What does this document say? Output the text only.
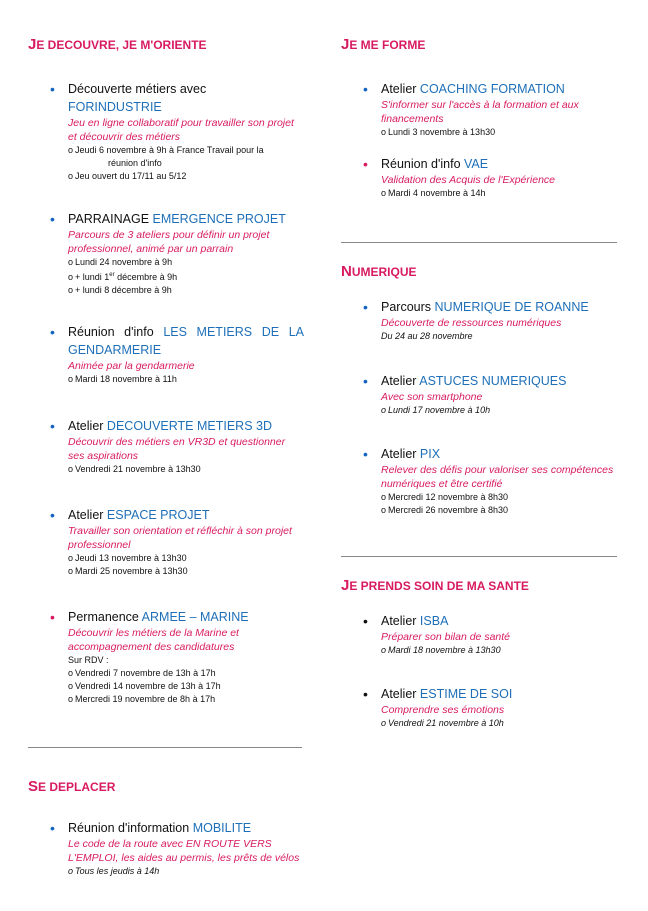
JE DECOUVRE, JE M'ORIENTE
• Découverte métiers avec
FORINDUSTRIE
Jeu en ligne collaboratif pour travailler son projet et découvrir des métiers
o Jeudi 6 novembre à 9h à France Travail pour la
réunion d'info
o Jeu ouvert du 17/11 au 5/12
• PARRAINAGE EMERGENCE PROJET
Parcours de 3 ateliers pour définir un projet professionnel, animé par un parrain
o Lundi 24 novembre à 9h
o + lundi 1er décembre à 9h
o + lundi 8 décembre à 9h
• Réunion d'info LES METIERS DE LA GENDARMERIE
Animée par la gendarmerie
o Mardi 18 novembre à 11h
• Atelier DECOUVERTE METIERS 3D
Découvrir des métiers en VR3D et questionner ses aspirations
o Vendredi 21 novembre à 13h30
• Atelier ESPACE PROJET
Travailler son orientation et réfléchir à son projet professionnel
o Jeudi 13 novembre à 13h30
o Mardi 25 novembre à 13h30
• Permanence ARMEE – MARINE
Découvrir les métiers de la Marine et accompagnement des candidatures
Sur RDV :
o Vendredi 7 novembre de 13h à 17h
o Vendredi 14 novembre de 13h à 17h
o Mercredi 19 novembre de 8h à 17h
SE DEPLACER
• Réunion d'information MOBILITE
Le code de la route avec EN ROUTE VERS L'EMPLOI, les aides au permis, les prêts de vélos
o Tous les jeudis à 14h
JE ME FORME
• Atelier COACHING FORMATION
S'informer sur l'accès à la formation et aux financements
o Lundi 3 novembre à 13h30
• Réunion d'info VAE
Validation des Acquis de l'Expérience
o Mardi 4 novembre à 14h
NUMERIQUE
• Parcours NUMERIQUE DE ROANNE
Découverte de ressources numériques
Du 24 au 28 novembre
• Atelier ASTUCES NUMERIQUES
Avec son smartphone
o Lundi 17 novembre à 10h
• Atelier PIX
Relever des défis pour valoriser ses compétences numériques et être certifié
o Mercredi 12 novembre à 8h30
o Mercredi 26 novembre à 8h30
JE PRENDS SOIN DE MA SANTE
• Atelier ISBA
Préparer son bilan de santé
o Mardi 18 novembre à 13h30
• Atelier ESTIME DE SOI
Comprendre ses émotions
o Vendredi 21 novembre à 10h
